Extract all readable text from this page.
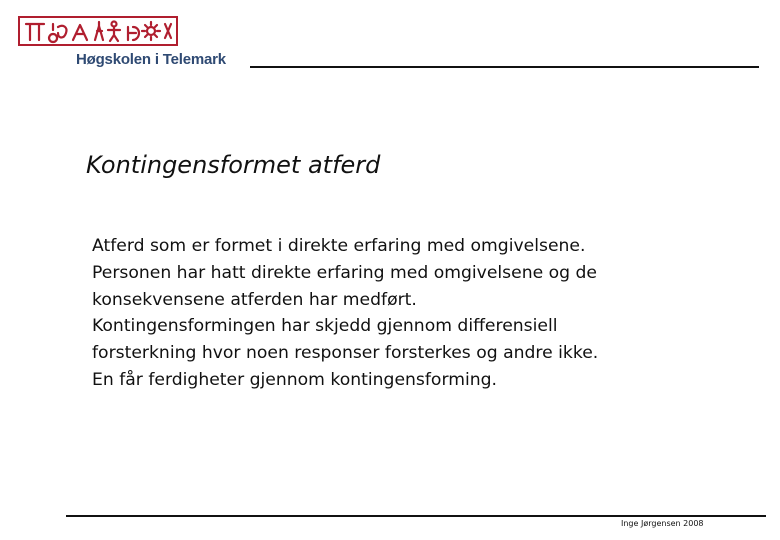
Høgskolen i Telemark
Kontingensformet atferd
Atferd som er formet i direkte erfaring med omgivelsene.
Personen har hatt direkte erfaring med omgivelsene og de
konsekvensene atferden har medført.
Kontingensformingen har skjedd gjennom differensiell
forsterkning hvor noen responser forsterkes og andre ikke.
En får ferdigheter gjennom kontingensforming.
Inge Jørgensen 2008
